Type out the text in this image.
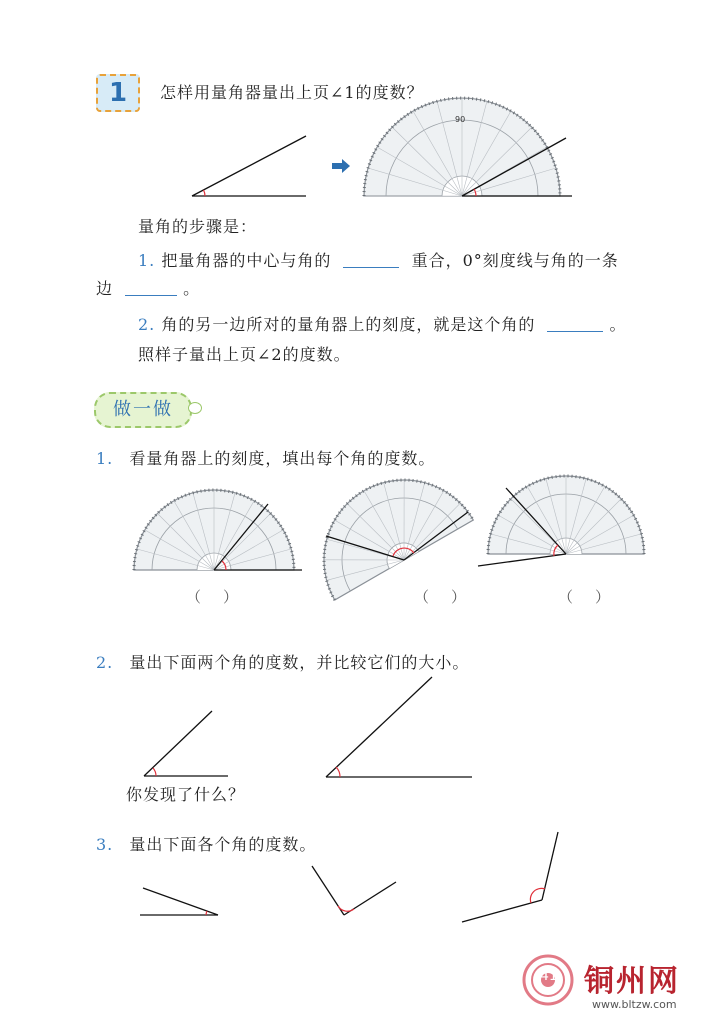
1	怎样用量角器量出上页∠1的度数？
90
量角的步骤是：
1. 把量角器的中心与角的	重合，0°刻度线与角的一条
边	。
2. 角的另一边所对的量角器上的刻度，就是这个角的	。
照样子量出上页∠2的度数。
做一做
1. 看量角器上的刻度，填出每个角的度数。
（）	（）	（）
2. 量出下面两个角的度数，并比较它们的大小。
你发现了什么？
3. 量出下面各个角的度数。
41 铜州网
www.bltzw.com
